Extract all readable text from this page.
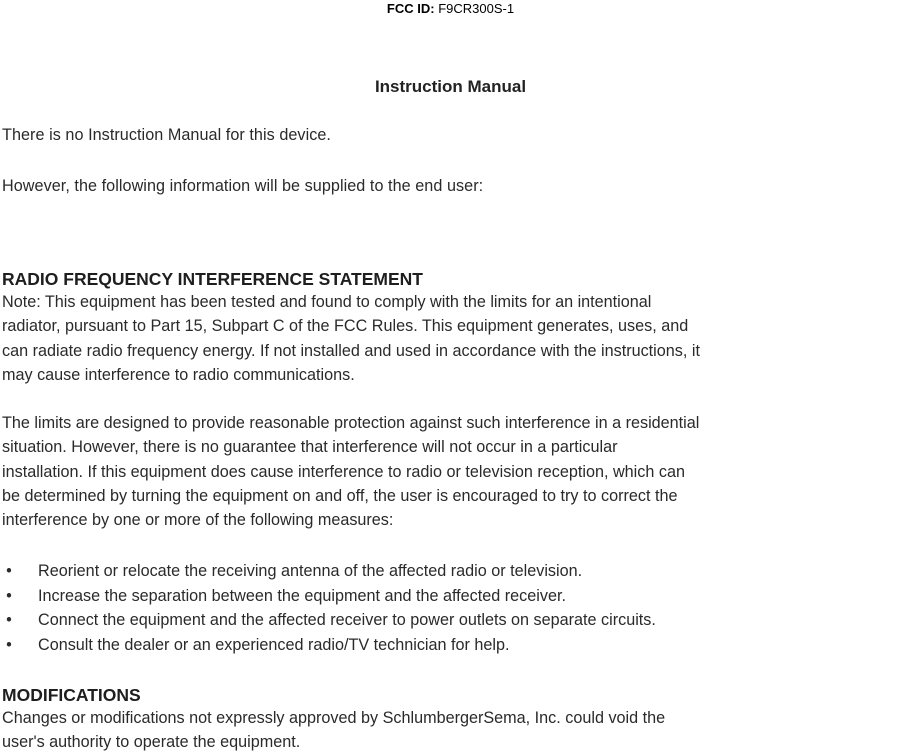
FCC ID: F9CR300S-1
Instruction Manual
There is no Instruction Manual for this device.
However, the following information will be supplied to the end user:
RADIO FREQUENCY INTERFERENCE STATEMENT
Note: This equipment has been tested and found to comply with the limits for an intentional
radiator, pursuant to Part 15, Subpart C of the FCC Rules. This equipment generates, uses, and
can radiate radio frequency energy. If not installed and used in accordance with the instructions, it
may cause interference to radio communications.
The limits are designed to provide reasonable protection against such interference in a residential
situation. However, there is no guarantee that interference will not occur in a particular
installation. If this equipment does cause interference to radio or television reception, which can
be determined by turning the equipment on and off, the user is encouraged to try to correct the
interference by one or more of the following measures:
• Reorient or relocate the receiving antenna of the affected radio or television.
• Increase the separation between the equipment and the affected receiver.
• Connect the equipment and the affected receiver to power outlets on separate circuits.
• Consult the dealer or an experienced radio/TV technician for help.
MODIFICATIONS
Changes or modifications not expressly approved by SchlumbergerSema, Inc. could void the
user's authority to operate the equipment.
